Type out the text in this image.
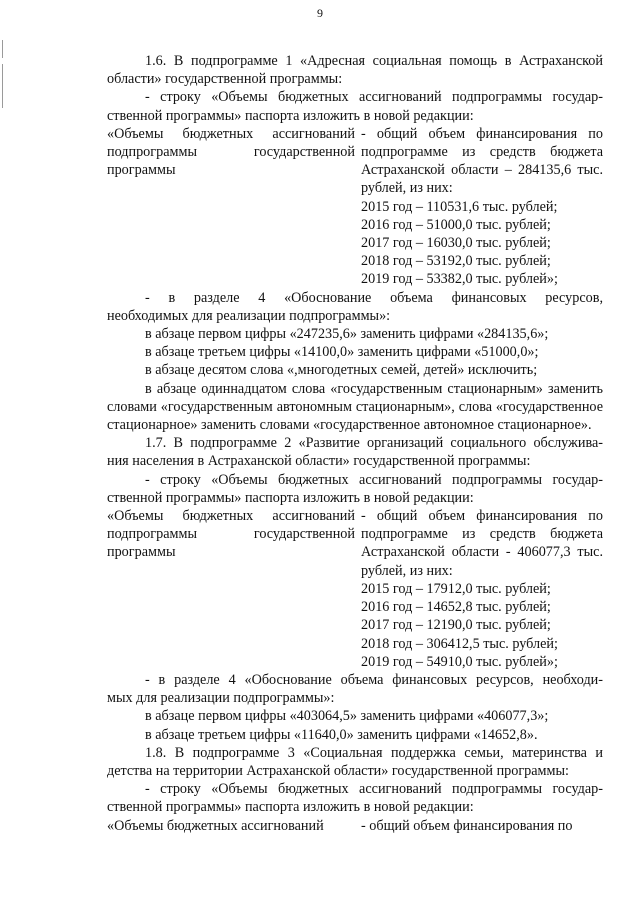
9

1.6. В подпрограмме 1 «Адресная социальная помощь в Астраханской

области» государственной программы:

- строку «Объемы бюджетных ассигнований подпрограммы государ-

ственной программы» паспорта изложить в новой редакции:

«Объемы бюджетных ассигнований подпрограммы государственной программы

- общий объем финансирования по подпрограмме из средств бюджета Астраханской области – 284135,6 тыс. рублей, из них:

2015 год – 110531,6 тыс. рублей;

2016 год – 51000,0 тыс. рублей;

2017 год – 16030,0 тыс. рублей;

2018 год – 53192,0 тыс. рублей;

2019 год – 53382,0 тыс. рублей»;

- в разделе 4 «Обоснование объема финансовых ресурсов,

необходимых для реализации подпрограммы»:

в абзаце первом цифры «247235,6» заменить цифрами «284135,6»;

в абзаце третьем цифры «14100,0» заменить цифрами «51000,0»;

в абзаце десятом слова «,многодетных семей, детей» исключить;

в абзаце одиннадцатом слова «государственным стационарным» заменить словами «государственным автономным стационарным», слова «государственное стационарное» заменить словами «государственное автономное стационарное».

1.7. В подпрограмме 2 «Развитие организаций социального обслужива-

ния населения в Астраханской области» государственной программы:

- строку «Объемы бюджетных ассигнований подпрограммы государ-

ственной программы» паспорта изложить в новой редакции:

«Объемы бюджетных ассигнований подпрограммы государственной программы

- общий объем финансирования по подпрограмме из средств бюджета Астраханской области - 406077,3 тыс. рублей, из них:

2015 год – 17912,0 тыс. рублей;

2016 год – 14652,8 тыс. рублей;

2017 год – 12190,0 тыс. рублей;

2018 год – 306412,5 тыс. рублей;

2019 год – 54910,0 тыс. рублей»;

- в разделе 4 «Обоснование объема финансовых ресурсов, необходи-

мых для реализации подпрограммы»:

в абзаце первом цифры «403064,5» заменить цифрами «406077,3»;

в абзаце третьем цифры «11640,0» заменить цифрами «14652,8».

1.8. В подпрограмме 3 «Социальная поддержка семьи, материнства и

детства на территории Астраханской области» государственной программы:

- строку «Объемы бюджетных ассигнований подпрограммы государ-

ственной программы» паспорта изложить в новой редакции:

«Объемы бюджетных ассигнований	- общий объем финансирования по
